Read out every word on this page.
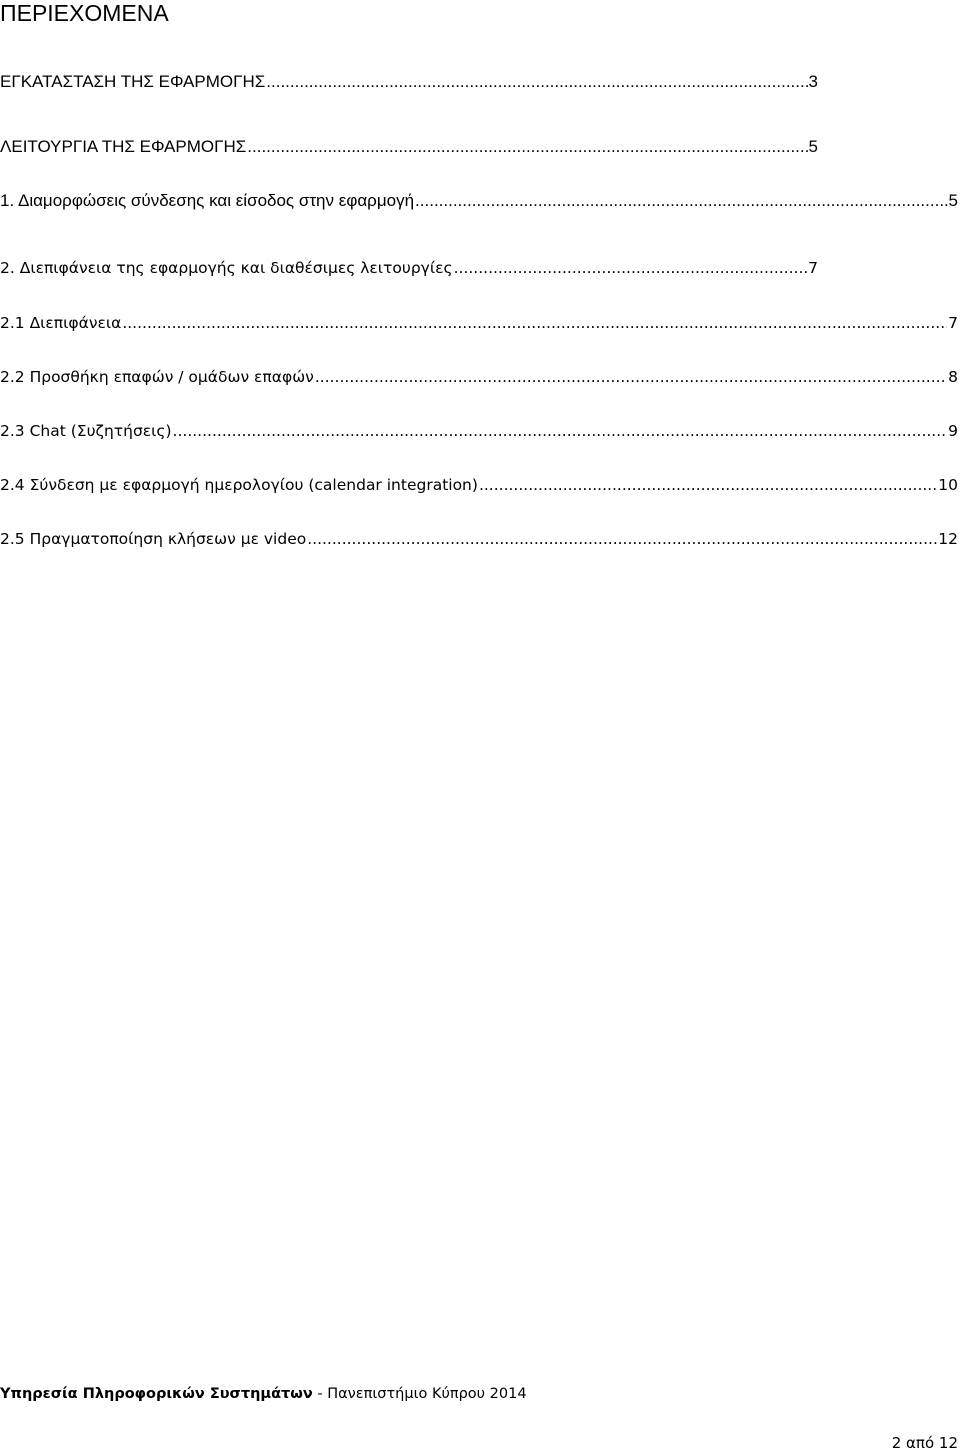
ΠΕΡΙΕΧΟΜΕΝΑ
ΕΓΚΑΤΑΣΤΑΣΗ ΤΗΣ ΕΦΑΡΜΟΓΗΣ .....	3
ΛΕΙΤΟΥΡΓΙΑ ΤΗΣ ΕΦΑΡΜΟΓΗΣ .....	5
1. Διαμορφώσεις σύνδεσης και είσοδος στην εφαρμογή .....	5
2. Διεπιφάνεια της εφαρμογής και διαθέσιμες λειτουργίες .....	7
2.1 Διεπιφάνεια .....	7
2.2 Προσθήκη επαφών / ομάδων επαφών .....	8
2.3 Chat (Συζητήσεις) .....	9
2.4 Σύνδεση με εφαρμογή ημερολογίου (calendar integration) .....	10
2.5 Πραγματοποίηση κλήσεων με video .....	12
Υπηρεσία Πληροφορικών Συστημάτων - Πανεπιστήμιο Κύπρου 2014
2 από 12
